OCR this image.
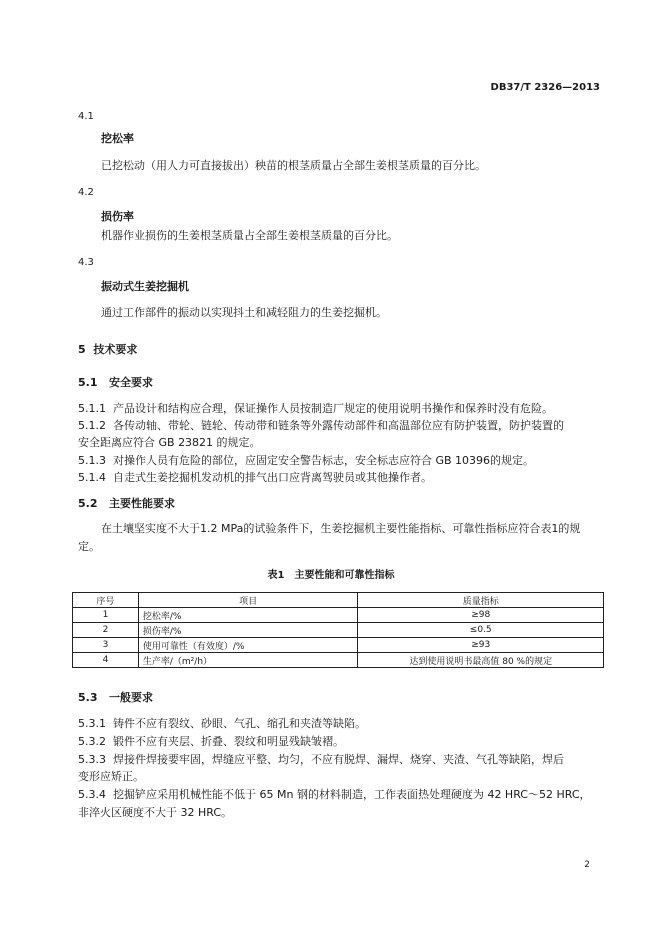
DB37/T 2326—2013
4.1
挖松率
已挖松动（用人力可直接拔出）秧苗的根茎质量占全部生姜根茎质量的百分比。
4.2
损伤率
机器作业损伤的生姜根茎质量占全部生姜根茎质量的百分比。
4.3
振动式生姜挖掘机
通过工作部件的振动以实现抖土和减轻阻力的生姜挖掘机。
5 技术要求
5.1 安全要求
5.1.1 产品设计和结构应合理，保证操作人员按制造厂规定的使用说明书操作和保养时没有危险。
5.1.2 各传动轴、带轮、链轮、传动带和链条等外露传动部件和高温部位应有防护装置，防护装置的
安全距离应符合 GB 23821 的规定。
5.1.3 对操作人员有危险的部位，应固定安全警告标志，安全标志应符合 GB 10396的规定。
5.1.4 自走式生姜挖掘机发动机的排气出口应背离驾驶员或其他操作者。
5.2 主要性能要求
在土壤坚实度不大于1.2 MPa的试验条件下，生姜挖掘机主要性能指标、可靠性指标应符合表1的规
定。
表1　主要性能和可靠性指标
序号	项目	质量指标
1	挖松率/%	≥98
2	损伤率/%	≤0.5
3	使用可靠性（有效度）/%	≥93
4	生产率/（m²/h）	达到使用说明书最高值 80 %的规定
5.3 一般要求
5.3.1 铸件不应有裂纹、砂眼、气孔、缩孔和夹渣等缺陷。
5.3.2 锻件不应有夹层、折叠、裂纹和明显残缺皱褶。
5.3.3 焊接件焊接要牢固，焊缝应平整、均匀，不应有脱焊、漏焊、烧穿、夹渣、气孔等缺陷，焊后
变形应矫正。
5.3.4 挖掘铲应采用机械性能不低于 65 Mn 钢的材料制造，工作表面热处理硬度为 42 HRC～52 HRC，
非淬火区硬度不大于 32 HRC。
2
